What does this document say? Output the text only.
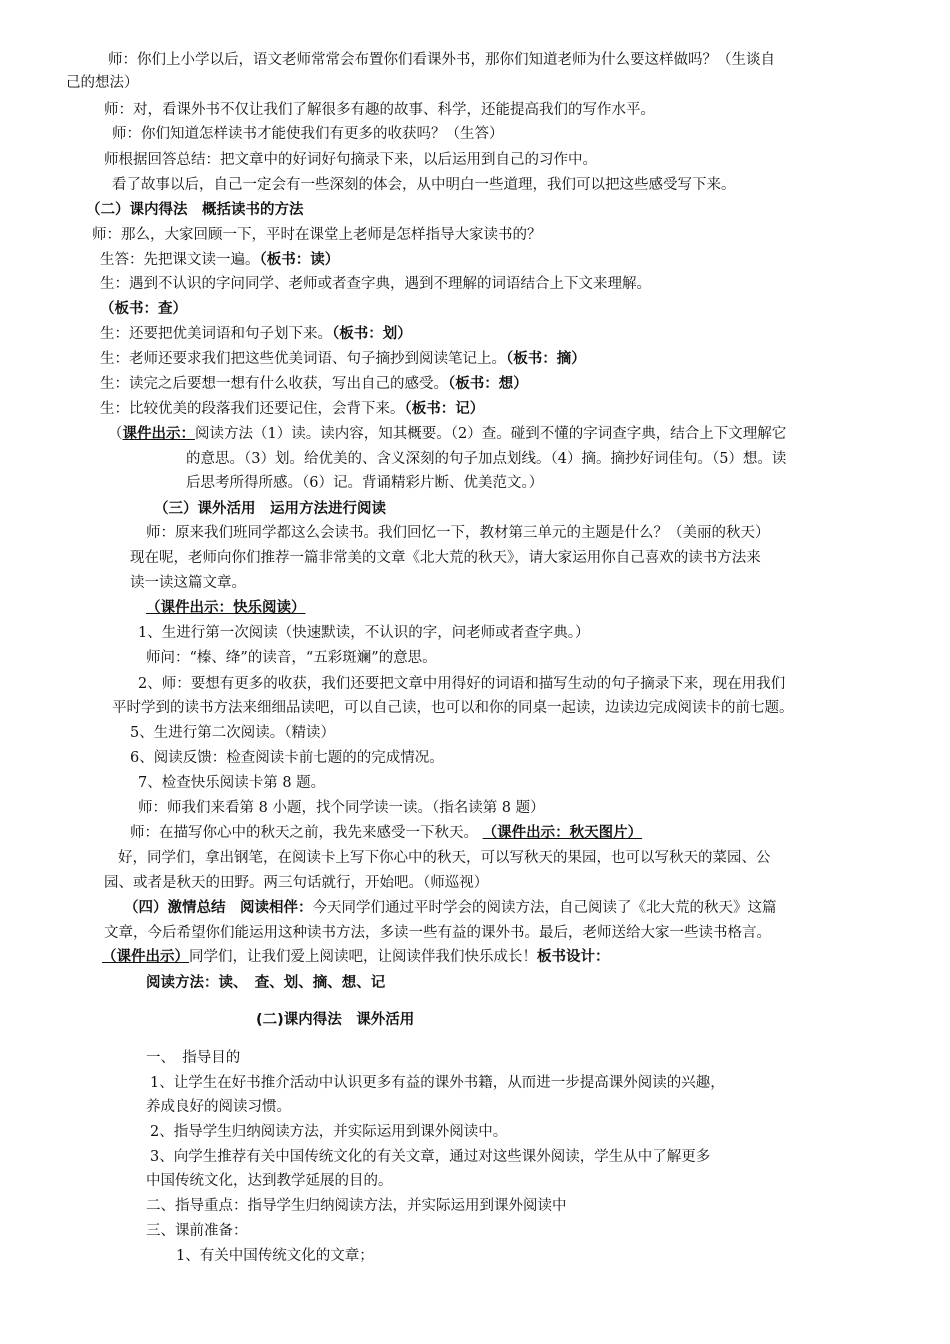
师：你们上小学以后，语文老师常常会布置你们看课外书，那你们知道老师为什么要这样做吗？（生谈自
己的想法）
师：对，看课外书不仅让我们了解很多有趣的故事、科学，还能提高我们的写作水平。
师：你们知道怎样读书才能使我们有更多的收获吗？（生答）
师根据回答总结：把文章中的好词好句摘录下来，以后运用到自己的习作中。
看了故事以后，自己一定会有一些深刻的体会，从中明白一些道理，我们可以把这些感受写下来。
（二）课内得法　概括读书的方法
师：那么，大家回顾一下，平时在课堂上老师是怎样指导大家读书的？
生答：先把课文读一遍。（板书：读）
生：遇到不认识的字问同学、老师或者查字典，遇到不理解的词语结合上下文来理解。
（板书：查）
生：还要把优美词语和句子划下来。（板书：划）
生：老师还要求我们把这些优美词语、句子摘抄到阅读笔记上。（板书：摘）
生：读完之后要想一想有什么收获，写出自己的感受。（板书：想）
生：比较优美的段落我们还要记住，会背下来。（板书：记）
（课件出示：阅读方法（1）读。读内容，知其概要。（2）查。碰到不懂的字词查字典，结合上下文理解它
的意思。（3）划。给优美的、含义深刻的句子加点划线。（4）摘。摘抄好词佳句。（5）想。读
后思考所得所感。（6）记。背诵精彩片断、优美范文。）
（三）课外活用　运用方法进行阅读
师：原来我们班同学都这么会读书。我们回忆一下，教材第三单元的主题是什么？（美丽的秋天）
现在呢，老师向你们推荐一篇非常美的文章《北大荒的秋天》，请大家运用你自己喜欢的读书方法来
读一读这篇文章。
（课件出示：快乐阅读）
1、生进行第一次阅读（快速默读，不认识的字，问老师或者查字典。）
师问：“榛、绛”的读音，“五彩斑斓”的意思。
2、师：要想有更多的收获，我们还要把文章中用得好的词语和描写生动的句子摘录下来，现在用我们
平时学到的读书方法来细细品读吧，可以自己读，也可以和你的同桌一起读，边读边完成阅读卡的前七题。
5、生进行第二次阅读。（精读）
6、阅读反馈：检查阅读卡前七题的的完成情况。
7、检查快乐阅读卡第 8 题。
师：师我们来看第 8 小题，找个同学读一读。（指名读第 8 题）
师：在描写你心中的秋天之前，我先来感受一下秋天。 （课件出示：秋天图片）
好，同学们，拿出钢笔，在阅读卡上写下你心中的秋天，可以写秋天的果园，也可以写秋天的菜园、公
园、或者是秋天的田野。两三句话就行，开始吧。（师巡视）
（四）激情总结　阅读相伴：今天同学们通过平时学会的阅读方法，自己阅读了《北大荒的秋天》这篇
文章，今后希望你们能运用这种读书方法，多读一些有益的课外书。最后，老师送给大家一些读书格言。
（课件出示）同学们，让我们爱上阅读吧，让阅读伴我们快乐成长！板书设计：
阅读方法：读、　查、划、摘、想、记
(二)课内得法　课外活用
一、　指导目的
1、让学生在好书推介活动中认识更多有益的课外书籍，从而进一步提高课外阅读的兴趣，
养成良好的阅读习惯。
2、指导学生归纳阅读方法，并实际运用到课外阅读中。
3、向学生推荐有关中国传统文化的有关文章，通过对这些课外阅读，学生从中了解更多
中国传统文化，达到教学延展的目的。
二、指导重点：指导学生归纳阅读方法，并实际运用到课外阅读中
三、课前准备：
1、有关中国传统文化的文章；
